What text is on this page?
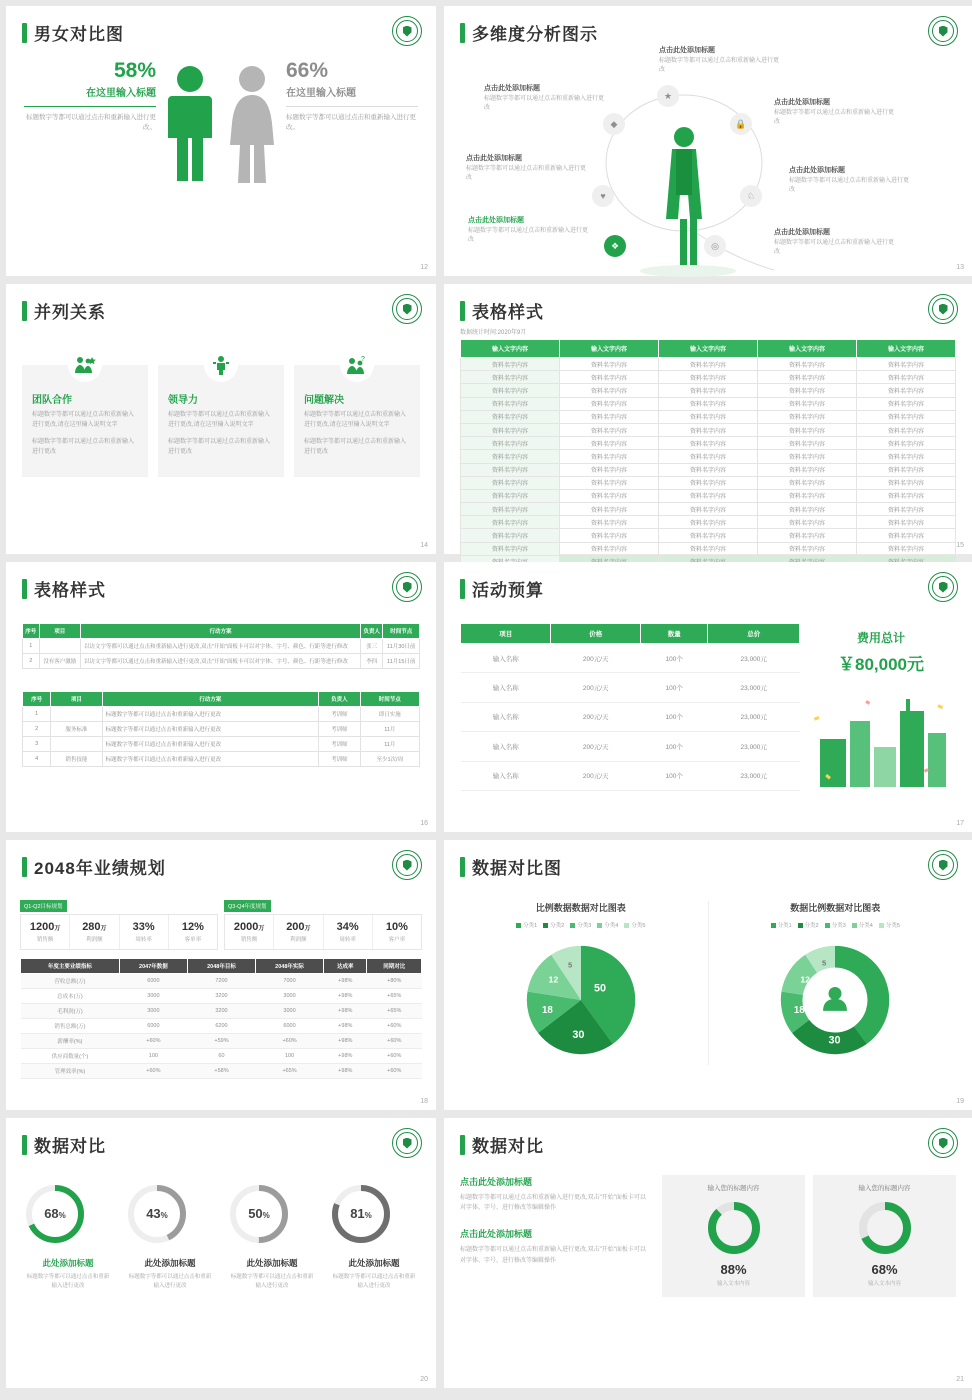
男女对比图
58%
在这里输入标题
标题数字等都可以通过点击和重新输入进行更改。
66%
在这里输入标题
标题数字等都可以通过点击和重新输入进行更改。
12
多维度分析图示
★
◆
♥
❖	◎
♘
🔒
点击此处添加标题
标题数字等都可以通过点击和重新输入进行更改
点击此处添加标题
标题数字等都可以通过点击和重新输入进行更改
点击此处添加标题
标题数字等都可以通过点击和重新输入进行更改
点击此处添加标题
标题数字等都可以通过点击和重新输入进行更改
点击此处添加标题
标题数字等都可以通过点击和重新输入进行更改
点击此处添加标题
标题数字等都可以通过点击和重新输入进行更改
点击此处添加标题
标题数字等都可以通过点击和重新输入进行更改
13
并列关系
团队合作

标题数字等都可以通过点击和重新输入进行更改,请在这里输入说明文字

标题数字等都可以通过点击和重新输入进行更改

领导力

标题数字等都可以通过点击和重新输入进行更改,请在这里输入说明文字

标题数字等都可以通过点击和重新输入进行更改

?
问题解决

标题数字等都可以通过点击和重新输入进行更改,请在这里输入说明文字

标题数字等都可以通过点击和重新输入进行更改

14
表格样式
数据统计时间:2020年9月
输入文字内容	输入文字内容	输入文字内容	输入文字内容	输入文字内容
资料名字内容	资料名字内容	资料名字内容	资料名字内容	资料名字内容
资料名字内容	资料名字内容	资料名字内容	资料名字内容	资料名字内容
资料名字内容	资料名字内容	资料名字内容	资料名字内容	资料名字内容
资料名字内容	资料名字内容	资料名字内容	资料名字内容	资料名字内容
资料名字内容	资料名字内容	资料名字内容	资料名字内容	资料名字内容
资料名字内容	资料名字内容	资料名字内容	资料名字内容	资料名字内容
资料名字内容	资料名字内容	资料名字内容	资料名字内容	资料名字内容
资料名字内容	资料名字内容	资料名字内容	资料名字内容	资料名字内容
资料名字内容	资料名字内容	资料名字内容	资料名字内容	资料名字内容
资料名字内容	资料名字内容	资料名字内容	资料名字内容	资料名字内容
资料名字内容	资料名字内容	资料名字内容	资料名字内容	资料名字内容
资料名字内容	资料名字内容	资料名字内容	资料名字内容	资料名字内容
资料名字内容	资料名字内容	资料名字内容	资料名字内容	资料名字内容
资料名字内容	资料名字内容	资料名字内容	资料名字内容	资料名字内容
资料名字内容	资料名字内容	资料名字内容	资料名字内容	资料名字内容

15
表格样式
序号	项目	行动方案	负责人	时间节点
1		以访文字等都可以通过点击和重新输入进行更改,双击"开始"面板卡可以对字体、字号、颜色、行距等进行修改	张三	11月30日前
2	没有客户激励	以访文字等都可以通过点击和重新输入进行更改,双击"开始"面板卡可以对字体、字号、颜色、行距等进行修改	李四	11月15日前
序号	项目	行动方案	负责人	时间节点
1		标题数字等都可以通过点击和重新输入进行更改	考训师	即日实施
2	服务标准	标题数字等都可以通过点击和重新输入进行更改	考训师	11月
3		标题数字等都可以通过点击和重新输入进行更改	考训师	11月
4	销售技能	标题数字等都可以通过点击和重新输入进行更改	考训师	至少1次/周
16
活动预算
项目	价格	数量	总价
输入名称	200元/天	100个	23,000元
输入名称	200元/天	100个	23,000元
输入名称	200元/天	100个	23,000元
输入名称	200元/天	100个	23,000元
输入名称	200元/天	100个	23,000元
费用总计
￥80,000元
17
2048年业绩规划
Q1-Q2目标规划
1200万
销售额
280万
利润额
33%
周转率
12%
客单率
Q3-Q4年度规划
2000万
销售额
200万
利润额
34%
周转率
10%
客户率
年度主要业绩指标	2047年数据	2048年目标	2048年实际	达成率	同期对比
营收总额(万)	6000	7200	7000	+98%	+80%
总成本(万)	3000	3200	3000	+98%	+65%
毛利润(万)	3000	3200	3000	+98%	+65%
销售总额(万)	6000	6200	6000	+98%	+60%
薪酬率(%)	+60%	+59%	+60%	+98%	+60%
供应商数量(个)	100	60	100	+98%	+60%
管理效率(%)	+60%	+58%	+65%	+98%	+60%
18
数据对比图
比例数据数据对比图表
分类1	分类2	分类3	分类4	分类5
50
30
18
12
5
数据比例数据对比图表
分类1	分类2	分类3	分类4	分类5
50
30
18
12
5
19
数据对比
68%
此处添加标题

标题数字等都可以通过点击和重新输入进行更改

43%
此处添加标题

标题数字等都可以通过点击和重新输入进行更改

50%
此处添加标题

标题数字等都可以通过点击和重新输入进行更改

81%
此处添加标题

标题数字等都可以通过点击和重新输入进行更改

20
数据对比
点击此处添加标题

标题数字等都可以通过点击和重新输入进行更改,双击"开始"面板卡可以对字体、字号、进行修改等编辑操作

点击此处添加标题

标题数字等都可以通过点击和重新输入进行更改,双击"开始"面板卡可以对字体、字号、进行修改等编辑操作

输入您的标题内容
88%
输入文本内容
输入您的标题内容
68%
输入文本内容
21
